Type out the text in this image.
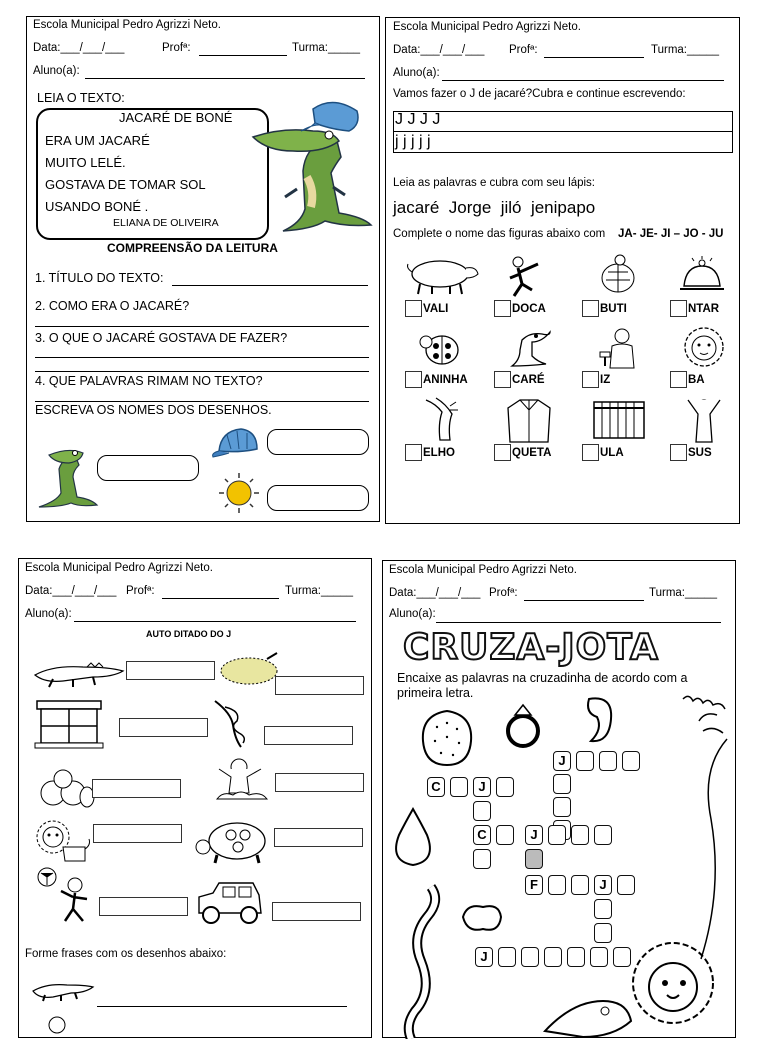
Escola Municipal Pedro Agrizzi Neto.
Data:___/___/___	Profª:	Turma:_____
Aluno(a):
LEIA O TEXTO:
JACARÉ DE BONÉ
ERA UM JACARÉ
MUITO LELÉ.
GOSTAVA DE TOMAR SOL
USANDO BONÉ .
ELIANA DE OLIVEIRA
COMPREENSÃO DA LEITURA
1. TÍTULO DO TEXTO:
2. COMO ERA O JACARÉ?
3. O QUE O JACARÉ GOSTAVA DE FAZER?
4. QUE PALAVRAS RIMAM NO TEXTO?
ESCREVA OS NOMES DOS DESENHOS.
Escola Municipal Pedro Agrizzi Neto.
Data:___/___/___ Profª:	Turma:_____
Aluno(a):
Vamos fazer o J de jacaré?Cubra e continue escrevendo:
J J J J
j j j j j
Leia as palavras e cubra com seu lápis:
jacaré  Jorge  jiló  jenipapo
Complete o nome das figuras abaixo com JA- JE- JI – JO - JU
VALI	DOCA	BUTI	NTAR
ANINHA	CARÉ	IZ	BA
ELHO	QUETA	ULA	SUS
Escola Municipal Pedro Agrizzi Neto.
Data:___/___/___ Profª:	Turma:_____
Aluno(a):
AUTO DITADO DO J
Forme frases com os desenhos abaixo:
Escola Municipal Pedro Agrizzi Neto.
Data:___/___/___ Profª:	Turma:_____
Aluno(a):
CRUZA-JOTA
Encaixe as palavras na cruzadinha de acordo com a primeira letra.
J
C	J
C	J
F	J
J
